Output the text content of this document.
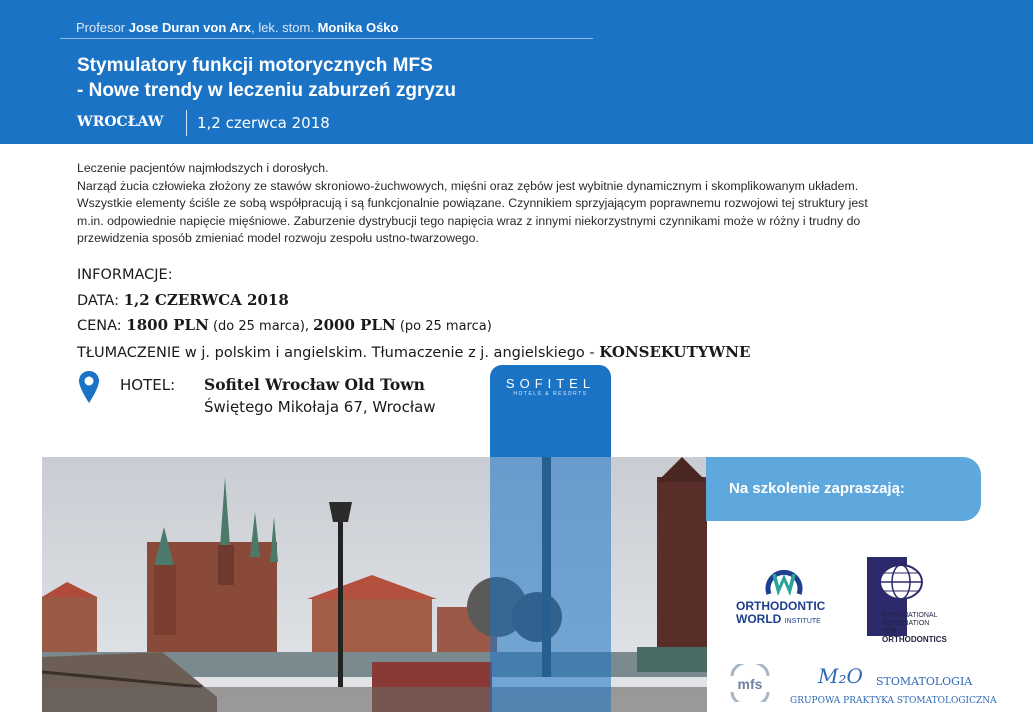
Profesor Jose Duran von Arx, lek. stom. Monika Ośko
Stymulatory funkcji motorycznych MFS
- Nowe trendy w leczeniu zaburzeń zgryzu
WROCŁAW 1,2 czerwca 2018

Leczenie pacjentów najmłodszych i dorosłych.

Narząd żucia człowieka złożony ze stawów skroniowo-żuchwowych, mięśni oraz zębów jest wybitnie dynamicznym i skomplikowanym układem.

Wszystkie elementy ściśle ze sobą współpracują i są funkcjonalnie powiązane. Czynnikiem sprzyjającym poprawnemu rozwojowi tej struktury jest

m.in. odpowiednie napięcie mięśniowe. Zaburzenie dystrybucji tego napięcia wraz z innymi niekorzystnymi czynnikami może w różny i trudny do

przewidzenia sposób zmieniać model rozwoju zespołu ustno-twarzowego.

INFORMACJE:
DATA: 1,2 CZERWCA 2018
CENA: 1800 PLN (do 25 marca), 2000 PLN (po 25 marca)
TŁUMACZENIE w j. polskim i angielskim. Tłumaczenie z j. angielskiego - KONSEKUTYWNE
HOTEL: Sofitel Wrocław Old Town
Świętego Mikołaja 67, Wrocław
SOFITEL
HOTELS & RESORTS
Na szkolenie zapraszają:
ORTHODONTIC
WORLD INSTITUTE
INTERNATIONAL
ASSOCIATION
FOR
ORTHODONTICS
mfs	M₂O STOMATOLOGIA
GRUPOWA PRAKTYKA STOMATOLOGICZNA
